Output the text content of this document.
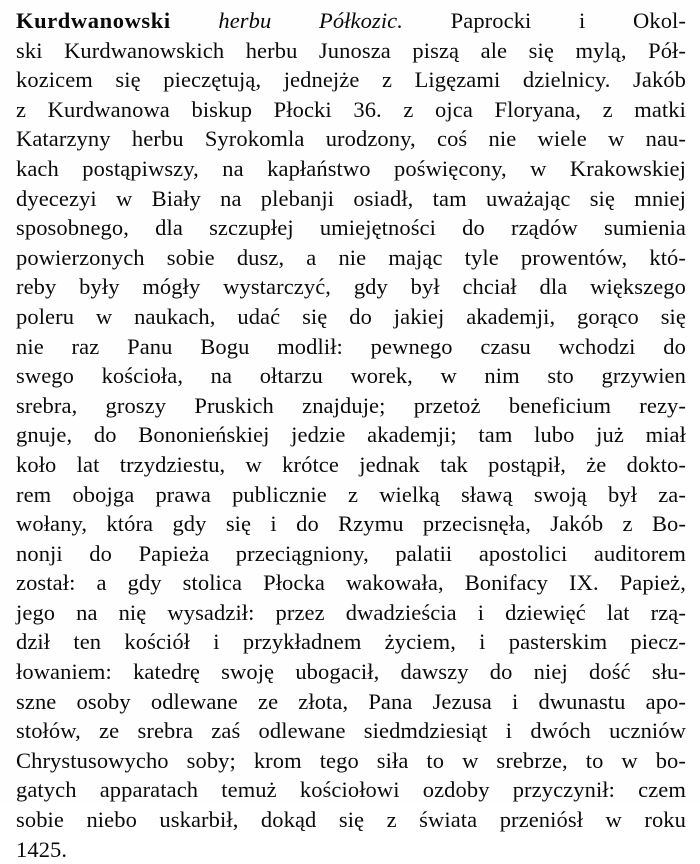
Kurdwanowski herbu Półkozic. Paprocki i Okol-
ski Kurdwanowskich herbu Junosza piszą ale się mylą, Pół-
kozicem się pieczętują, jednejże z Ligęzami dzielnicy. Jakób
z Kurdwanowa biskup Płocki 36. z ojca Floryana, z matki
Katarzyny herbu Syrokomla urodzony, coś nie wiele w nau-
kach postąpiwszy, na kapłaństwo poświęcony, w Krakowskiej
dyecezyi w Biały na plebanji osiadł, tam uważając się mniej
sposobnego, dla szczupłej umiejętności do rządów sumienia
powierzonych sobie dusz, a nie mając tyle prowentów, któ-
reby były mógły wystarczyć, gdy był chciał dla większego
poleru w naukach, udać się do jakiej akademji, gorąco się
nie raz Panu Bogu modlił: pewnego czasu wchodzi do
swego kościoła, na ołtarzu worek, w nim sto grzywien
srebra, groszy Pruskich znajduje; przetoż beneficium rezy-
gnuje, do Bononieńskiej jedzie akademji; tam lubo już miał
koło lat trzydziestu, w krótce jednak tak postąpił, że dokto-
rem obojga prawa publicznie z wielką sławą swoją był za-
wołany, która gdy się i do Rzymu przecisnęła, Jakób z Bo-
nonji do Papieża przeciągniony, palatii apostolici auditorem
został: a gdy stolica Płocka wakowała, Bonifacy IX. Papież,
jego na nię wysadził: przez dwadzieścia i dziewięć lat rzą-
dził ten kościół i przykładnem życiem, i pasterskim piecz-
łowaniem: katedrę swoję ubogacił, dawszy do niej dość słu-
szne osoby odlewane ze złota, Pana Jezusa i dwunastu apo-
stołów, ze srebra zaś odlewane siedmdziesiąt i dwóch uczniów
Chrystusowycho soby; krom tego siła to w srebrze, to w bo-
gatych apparatach temuż kościołowi ozdoby przyczynił: czem
sobie niebo uskarbił, dokąd się z świata przeniósł w roku
1425.
